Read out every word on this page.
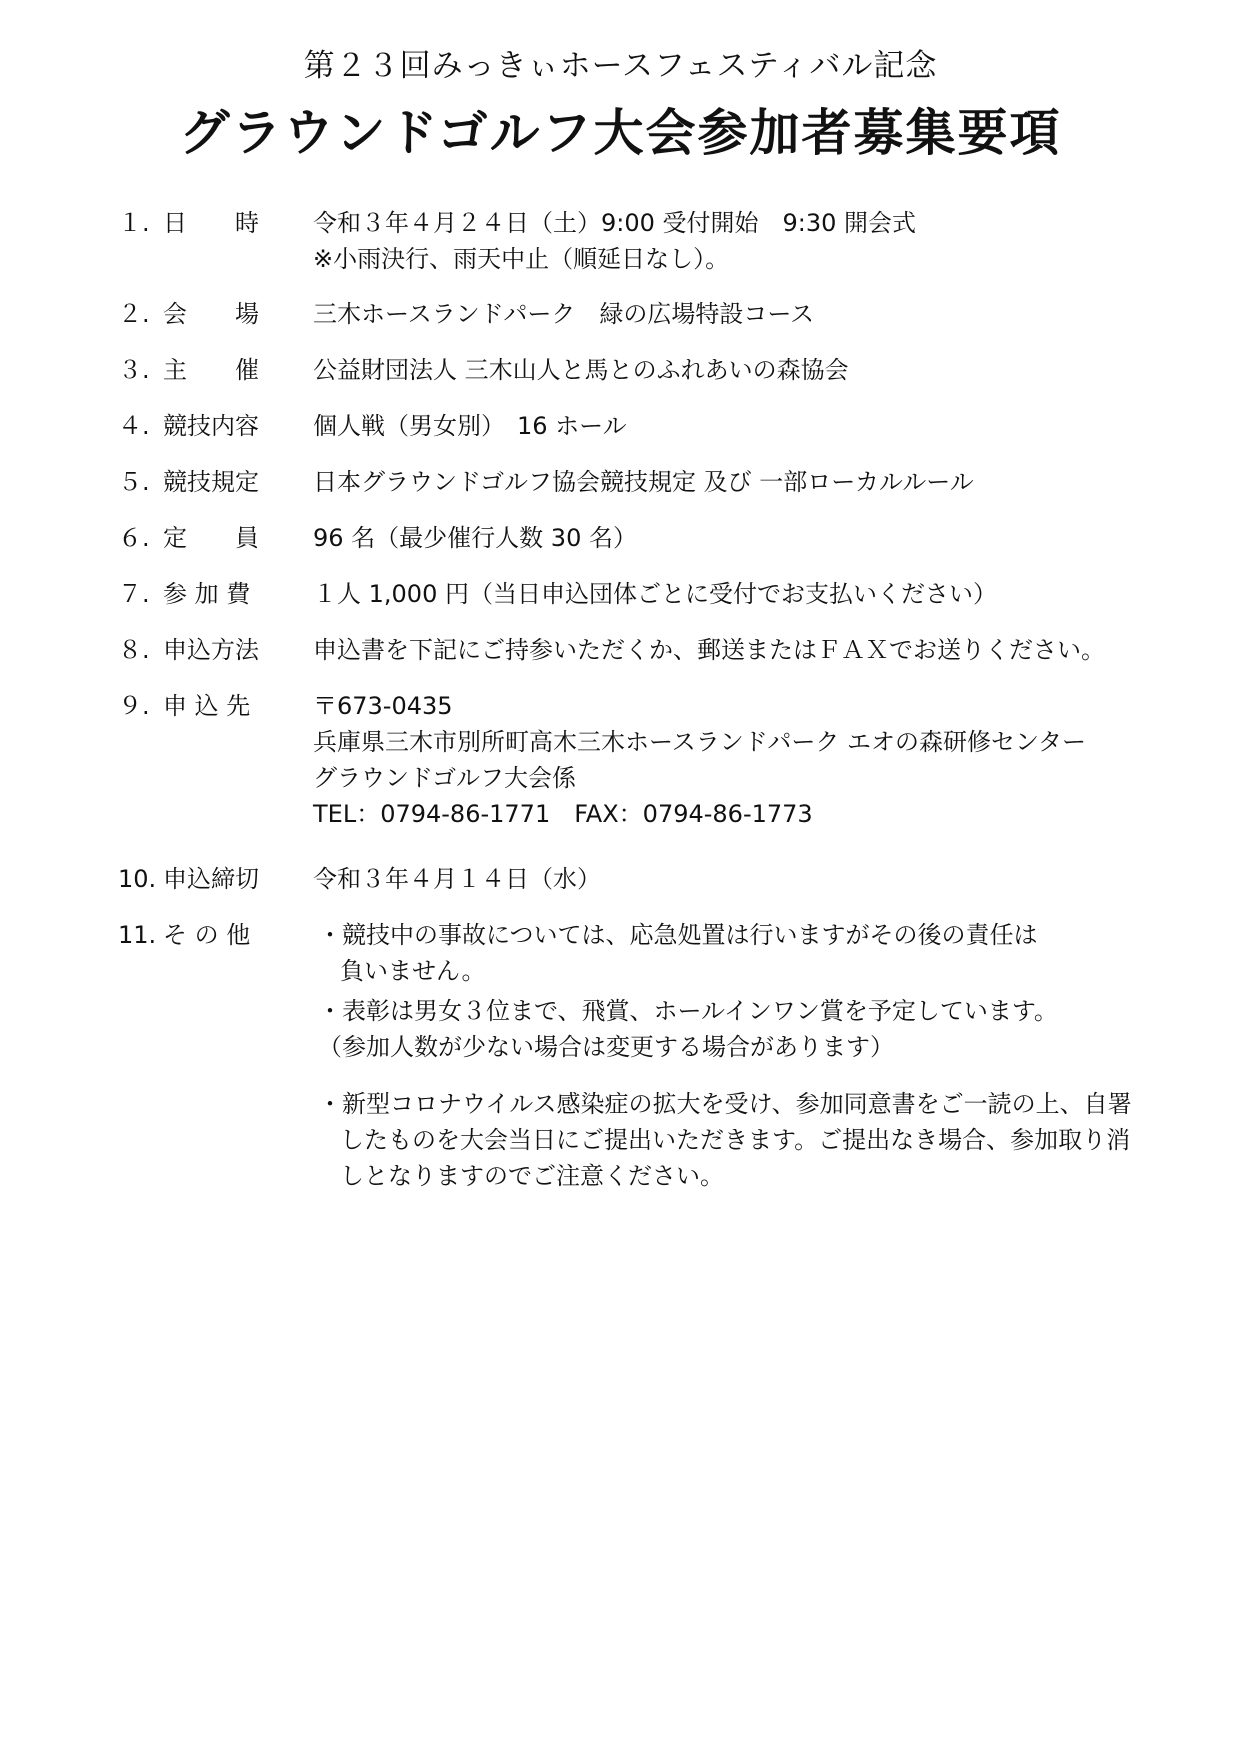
第２３回みっきぃホースフェスティバル記念
グラウンドゴルフ大会参加者募集要項
１. 日　　時 令和３年４月２４日（土）9:00 受付開始　9:30 開会式
※小雨決行、雨天中止（順延日なし）。
２. 会　　場 三木ホースランドパーク　緑の広場特設コース
３. 主　　催 公益財団法人 三木山人と馬とのふれあいの森協会
４. 競技内容 個人戦（男女別）　16 ホール
５. 競技規定 日本グラウンドゴルフ協会競技規定 及び 一部ローカルルール
６. 定　　員 96 名（最少催行人数 30 名）
７. 参 加 費	１人 1,000 円（当日申込団体ごとに受付でお支払いください）
８. 申込方法 申込書を下記にご持参いただくか、郵送またはＦＡＸでお送りください。
９. 申 込 先	〒673-0435
兵庫県三木市別所町高木三木ホースランドパーク エオの森研修センター
グラウンドゴルフ大会係
TEL：0794-86-1771　FAX：0794-86-1773
10. 申込締切 令和３年４月１４日（水）
11. そ の 他	・競技中の事故については、応急処置は行いますがその後の責任は
負いません。
・表彰は男女３位まで、飛賞、ホールインワン賞を予定しています。
（参加人数が少ない場合は変更する場合があります）
・新型コロナウイルス感染症の拡大を受け、参加同意書をご一読の上、自署
したものを大会当日にご提出いただきます。ご提出なき場合、参加取り消
しとなりますのでご注意ください。
